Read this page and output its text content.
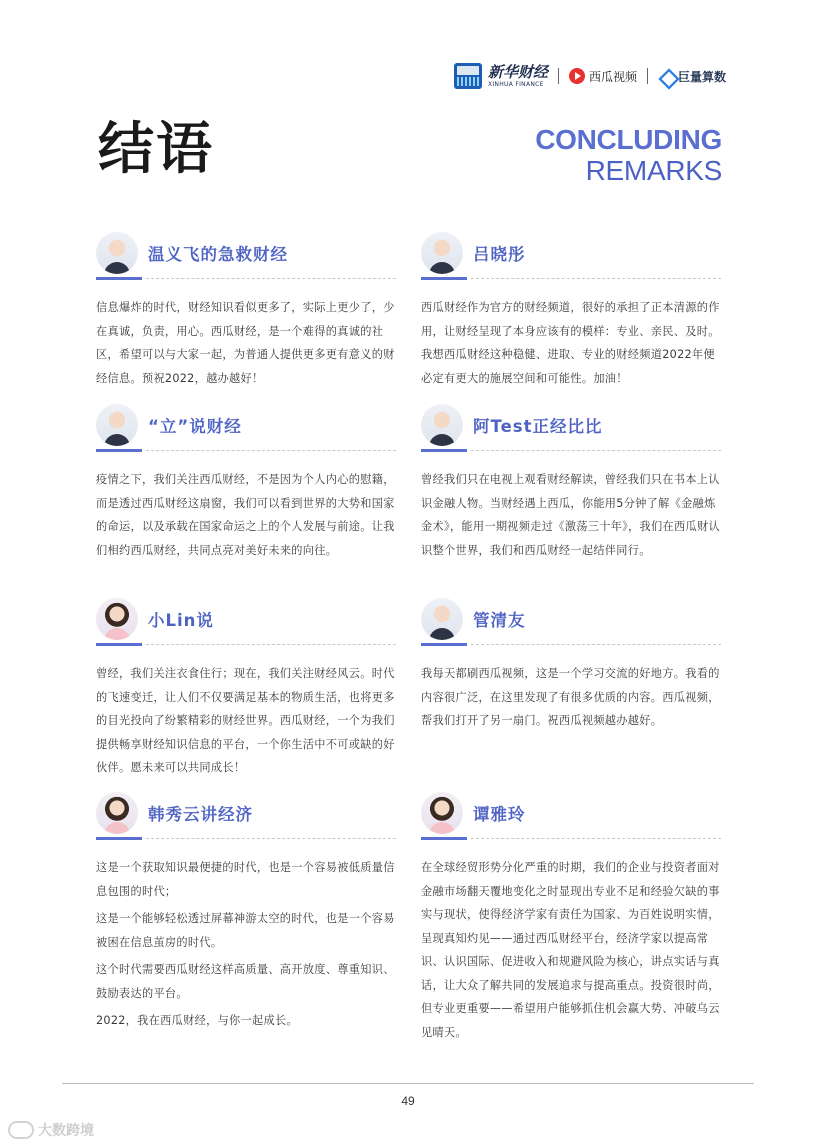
新华财经
XINHUA FINANCE
西瓜视频	巨量算数
结语	CONCLUDING
REMARKS
温义飞的急救财经

信息爆炸的时代，财经知识看似更多了，实际上更少了，少在真诚，负责，用心。西瓜财经，是一个难得的真诚的社区，希望可以与大家一起，为普通人提供更多更有意义的财经信息。预祝2022，越办越好！

吕晓彤

西瓜财经作为官方的财经频道，很好的承担了正本清源的作用，让财经呈现了本身应该有的模样：专业、亲民、及时。我想西瓜财经这种稳健、进取、专业的财经频道2022年便必定有更大的施展空间和可能性。加油！

“立”说财经

疫情之下，我们关注西瓜财经，不是因为个人内心的慰籍，而是透过西瓜财经这扇窗，我们可以看到世界的大势和国家的命运，以及承载在国家命运之上的个人发展与前途。让我们相约西瓜财经，共同点亮对美好未来的向往。

阿Test正经比比

曾经我们只在电视上观看财经解读，曾经我们只在书本上认识金融人物。当财经遇上西瓜，你能用5分钟了解《金融炼金术》，能用一期视频走过《激荡三十年》，我们在西瓜财认识整个世界，我们和西瓜财经一起结伴同行。

小Lin说

曾经，我们关注衣食住行；现在，我们关注财经风云。时代的飞速变迁，让人们不仅要满足基本的物质生活，也将更多的目光投向了纷繁精彩的财经世界。西瓜财经，一个为我们提供畅享财经知识信息的平台，一个你生活中不可或缺的好伙伴。愿未来可以共同成长！

管清友

我每天都刷西瓜视频，这是一个学习交流的好地方。我看的内容很广泛，在这里发现了有很多优质的内容。西瓜视频，帮我们打开了另一扇门。祝西瓜视频越办越好。

韩秀云讲经济

这是一个获取知识最便捷的时代，也是一个容易被低质量信息包围的时代；

这是一个能够轻松透过屏幕神游太空的时代，也是一个容易被困在信息茧房的时代。

这个时代需要西瓜财经这样高质量、高开放度、尊重知识、鼓励表达的平台。

2022，我在西瓜财经，与你一起成长。

谭雅玲

在全球经贸形势分化严重的时期，我们的企业与投资者面对金融市场翻天覆地变化之时显现出专业不足和经验欠缺的事实与现状，使得经济学家有责任为国家、为百姓说明实情，呈现真知灼见——通过西瓜财经平台，经济学家以提高常识、认识国际、促进收入和规避风险为核心，讲点实话与真话，让大众了解共同的发展追求与提高重点。投资很时尚，但专业更重要——希望用户能够抓住机会赢大势、冲破乌云见晴天。

49
大数跨境
